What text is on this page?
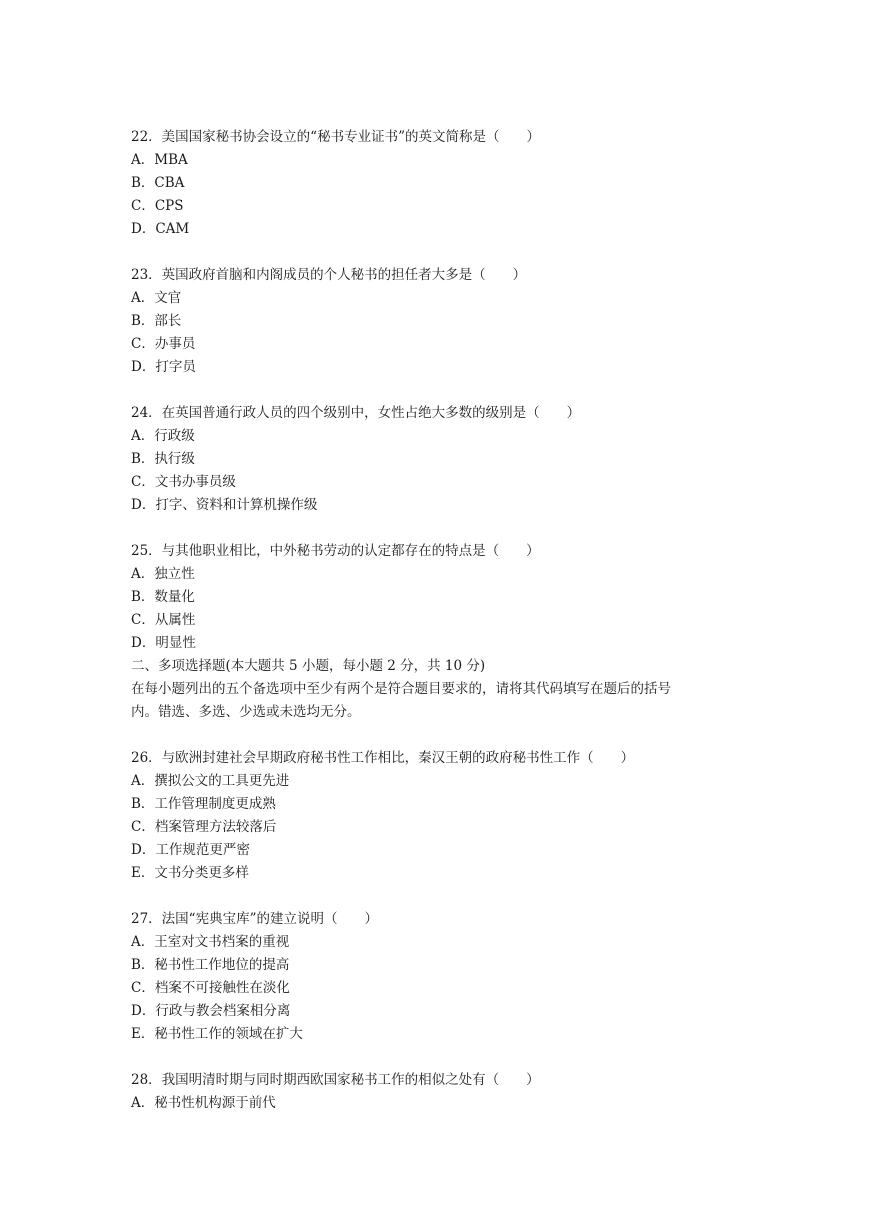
22．美国国家秘书协会设立的“秘书专业证书”的英文简称是（　　）
A．MBA
B．CBA
C．CPS
D．CAM
23．英国政府首脑和内阁成员的个人秘书的担任者大多是（　　）
A．文官
B．部长
C．办事员
D．打字员
24．在英国普通行政人员的四个级别中，女性占绝大多数的级别是（　　）
A．行政级
B．执行级
C．文书办事员级
D．打字、资料和计算机操作级
25．与其他职业相比，中外秘书劳动的认定都存在的特点是（　　）
A．独立性
B．数量化
C．从属性
D．明显性
二、多项选择题(本大题共 5 小题，每小题 2 分，共 10 分)
在每小题列出的五个备选项中至少有两个是符合题目要求的，请将其代码填写在题后的括号
内。错选、多选、少选或未选均无分。
26．与欧洲封建社会早期政府秘书性工作相比，秦汉王朝的政府秘书性工作（　　）
A．撰拟公文的工具更先进
B．工作管理制度更成熟
C．档案管理方法较落后
D．工作规范更严密
E．文书分类更多样
27．法国“宪典宝库”的建立说明（　　）
A．王室对文书档案的重视
B．秘书性工作地位的提高
C．档案不可接触性在淡化
D．行政与教会档案相分离
E．秘书性工作的领域在扩大
28．我国明清时期与同时期西欧国家秘书工作的相似之处有（　　）
A．秘书性机构源于前代
